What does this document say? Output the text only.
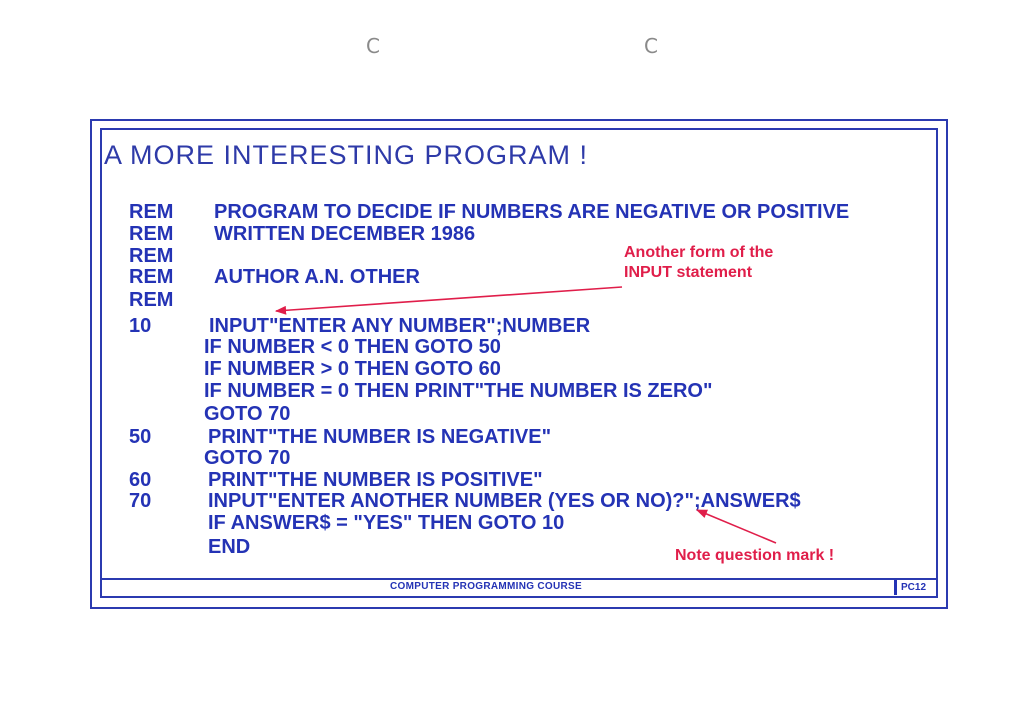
C	C
A MORE INTERESTING PROGRAM !
REM
REM
REM
REM
REM
10
50
60
70
PROGRAM TO DECIDE IF NUMBERS ARE NEGATIVE OR POSITIVE
WRITTEN DECEMBER 1986
AUTHOR A.N. OTHER
INPUT"ENTER ANY NUMBER";NUMBER
IF NUMBER < 0 THEN GOTO 50
IF NUMBER > 0 THEN GOTO 60
IF NUMBER = 0 THEN PRINT"THE NUMBER IS ZERO"
GOTO 70
PRINT"THE NUMBER IS NEGATIVE"
GOTO 70
PRINT"THE NUMBER IS POSITIVE"
INPUT"ENTER ANOTHER NUMBER (YES OR NO)?";ANSWER$
IF ANSWER$ = "YES" THEN GOTO 10
END
Another form of the
INPUT statement
Note question mark !
COMPUTER PROGRAMMING COURSE	PC12
